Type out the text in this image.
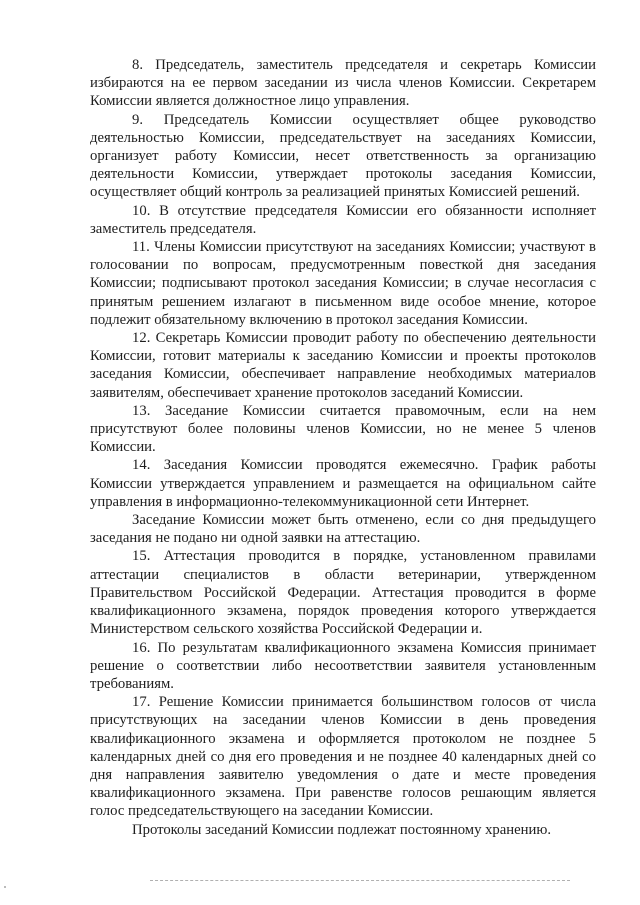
8. Председатель, заместитель председателя и секретарь Комиссии избираются на ее первом заседании из числа членов Комиссии. Секретарем Комиссии является должностное лицо управления.

9. Председатель Комиссии осуществляет общее руководство деятельностью Комиссии, председательствует на заседаниях Комиссии, организует работу Комиссии, несет ответственность за организацию деятельности Комиссии, утверждает протоколы заседания Комиссии, осуществляет общий контроль за реализацией принятых Комиссией решений.

10. В отсутствие председателя Комиссии его обязанности исполняет заместитель председателя.

11. Члены Комиссии присутствуют на заседаниях Комиссии; участвуют в голосовании по вопросам, предусмотренным повесткой дня заседания Комиссии; подписывают протокол заседания Комиссии; в случае несогласия с принятым решением излагают в письменном виде особое мнение, которое подлежит обязательному включению в протокол заседания Комиссии.

12. Секретарь Комиссии проводит работу по обеспечению деятельности Комиссии, готовит материалы к заседанию Комиссии и проекты протоколов заседания Комиссии, обеспечивает направление необходимых материалов заявителям, обеспечивает хранение протоколов заседаний Комиссии.

13. Заседание Комиссии считается правомочным, если на нем присутствуют более половины членов Комиссии, но не менее 5 членов Комиссии.

14. Заседания Комиссии проводятся ежемесячно. График работы Комиссии утверждается управлением и размещается на официальном сайте управления в информационно-телекоммуникационной сети Интернет.

Заседание Комиссии может быть отменено, если со дня предыдущего заседания не подано ни одной заявки на аттестацию.

15. Аттестация проводится в порядке, установленном правилами аттестации специалистов в области ветеринарии, утвержденном Правительством Российской Федерации. Аттестация проводится в форме квалификационного экзамена, порядок проведения которого утверждается Министерством сельского хозяйства Российской Федерации и.

16. По результатам квалификационного экзамена Комиссия принимает решение о соответствии либо несоответствии заявителя установленным требованиям.

17. Решение Комиссии принимается большинством голосов от числа присутствующих на заседании членов Комиссии в день проведения квалификационного экзамена и оформляется протоколом не позднее 5 календарных дней со дня его проведения и не позднее 40 календарных дней со дня направления заявителю уведомления о дате и месте проведения квалификационного экзамена. При равенстве голосов решающим является голос председательствующего на заседании Комиссии.

Протоколы заседаний Комиссии подлежат постоянному хранению.
